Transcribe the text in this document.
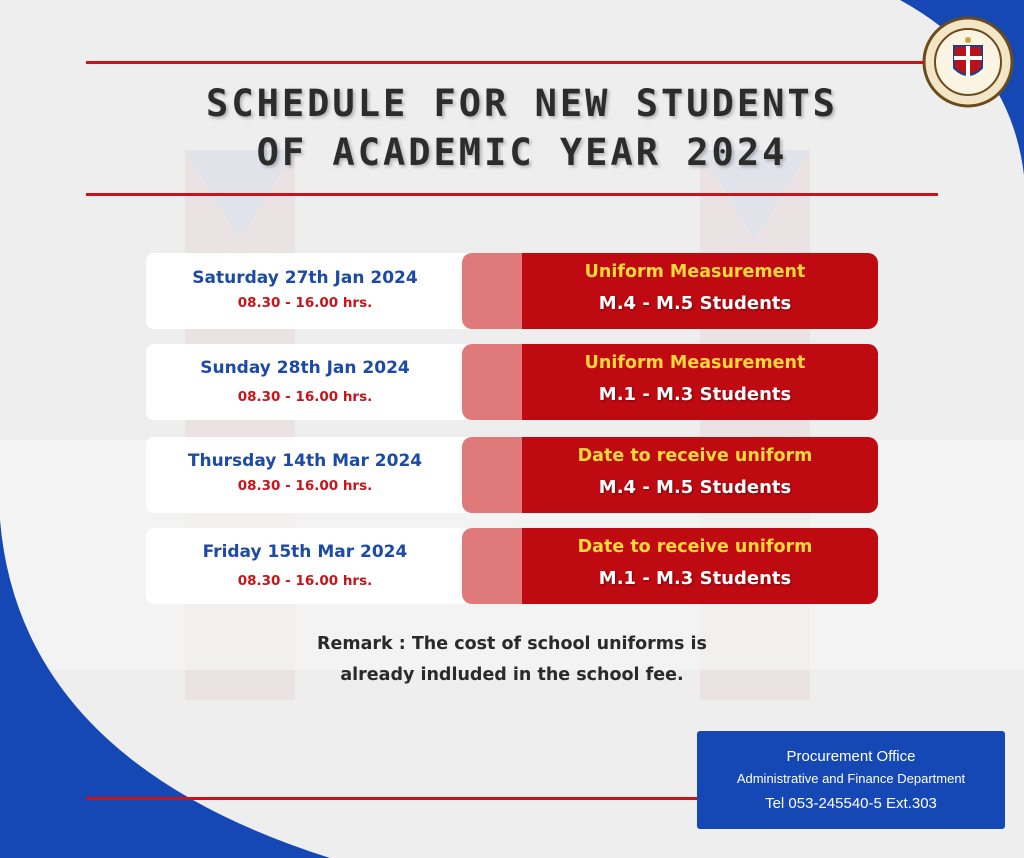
SCHEDULE FOR NEW STUDENTS
OF ACADEMIC YEAR 2024
Saturday 27th Jan 2024
08.30 - 16.00 hrs.
Uniform Measurement
M.4 - M.5 Students
Sunday 28th Jan 2024
08.30 - 16.00 hrs.
Uniform Measurement
M.1 - M.3 Students
Thursday 14th Mar 2024
08.30 - 16.00 hrs.
Date to receive uniform
M.4 - M.5 Students
Friday 15th Mar 2024
08.30 - 16.00 hrs.
Date to receive uniform
M.1 - M.3 Students
Remark : The cost of school uniforms is
already indluded in the school fee.
Procurement Office
Administrative and Finance Department
Tel 053-245540-5 Ext.303
